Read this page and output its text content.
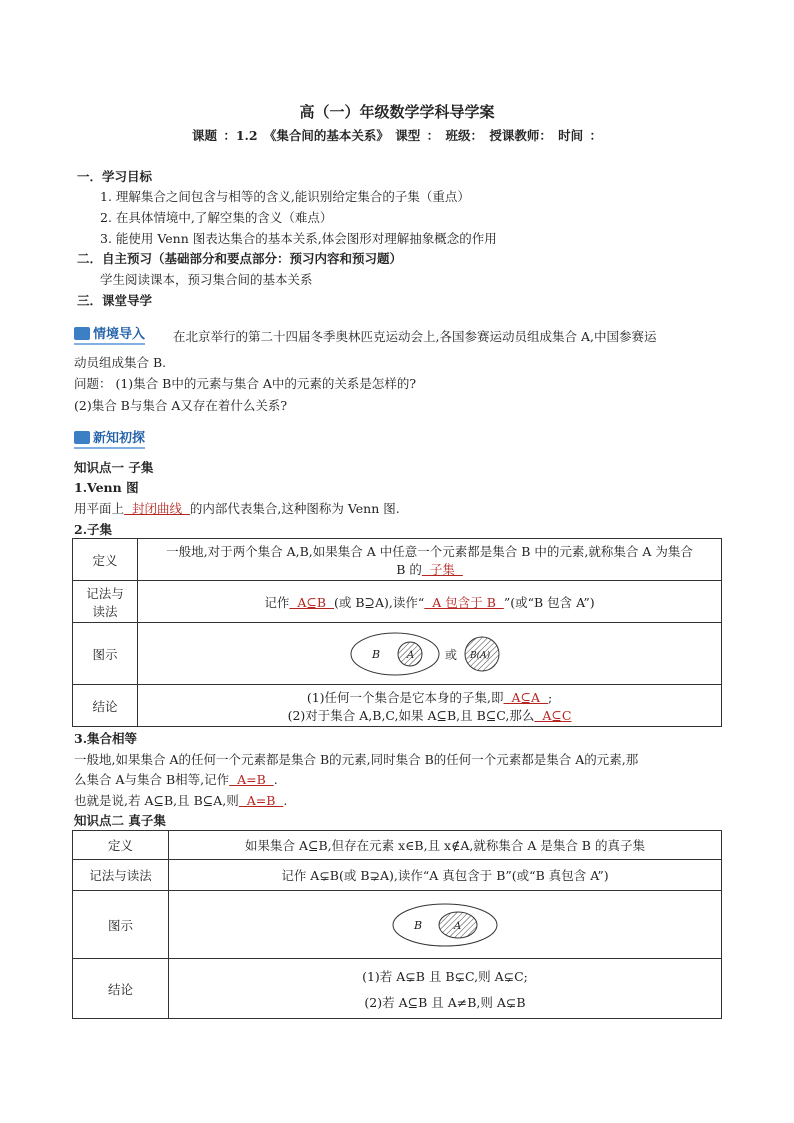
高（一）年级数学学科导学案
课题 ：1.2 《集合间的基本关系》 课型 ： 班级： 授课教师： 时间 ：
一．学习目标
1. 理解集合之间包含与相等的含义,能识别给定集合的子集（重点）
2. 在具体情境中,了解空集的含义（难点）
3. 能使用 Venn 图表达集合的基本关系,体会图形对理解抽象概念的作用
二．自主预习（基础部分和要点部分：预习内容和预习题）
学生阅读课本，预习集合间的基本关系
三．课堂导学
情境导入 在北京举行的第二十四届冬季奥林匹克运动会上,各国参赛运动员组成集合 A,中国参赛运
动员组成集合 B.
问题： (1)集合 B中的元素与集合 A中的元素的关系是怎样的?
(2)集合 B与集合 A又存在着什么关系?
新知初探
知识点一 子集
1.Venn 图
用平面上  封闭曲线  的内部代表集合,这种图称为 Venn 图.
2.子集
定义	一般地,对于两个集合 A,B,如果集合 A 中任意一个元素都是集合 B 中的元素,就称集合 A 为集合
B 的  子集

记法与
读法	记作  A⊆B  (或 B⊇A),读作“  A 包含于 B  ”(或“B 包含 A”)
图示	B A 或 B(A)

结论	(1)任何一个集合是它本身的子集,即  A⊆A  ;
(2)对于集合 A,B,C,如果 A⊆B,且 B⊆C,那么  A⊆C
3.集合相等
一般地,如果集合 A的任何一个元素都是集合 B的元素,同时集合 B的任何一个元素都是集合 A的元素,那
么集合 A与集合 B相等,记作  A=B  .
也就是说,若 A⊆B,且 B⊆A,则  A=B  .
知识点二 真子集
定义	如果集合 A⊆B,但存在元素 x∈B,且 x∉A,就称集合 A 是集合 B 的真子集
记法与读法	记作 A⊊B(或 B⊋A),读作“A 真包含于 B”(或“B 真包含 A”)
图示	B A

结论	(1)若 A⊊B 且 B⊊C,则 A⊊C;
(2)若 A⊆B 且 A≠B,则 A⊊B
